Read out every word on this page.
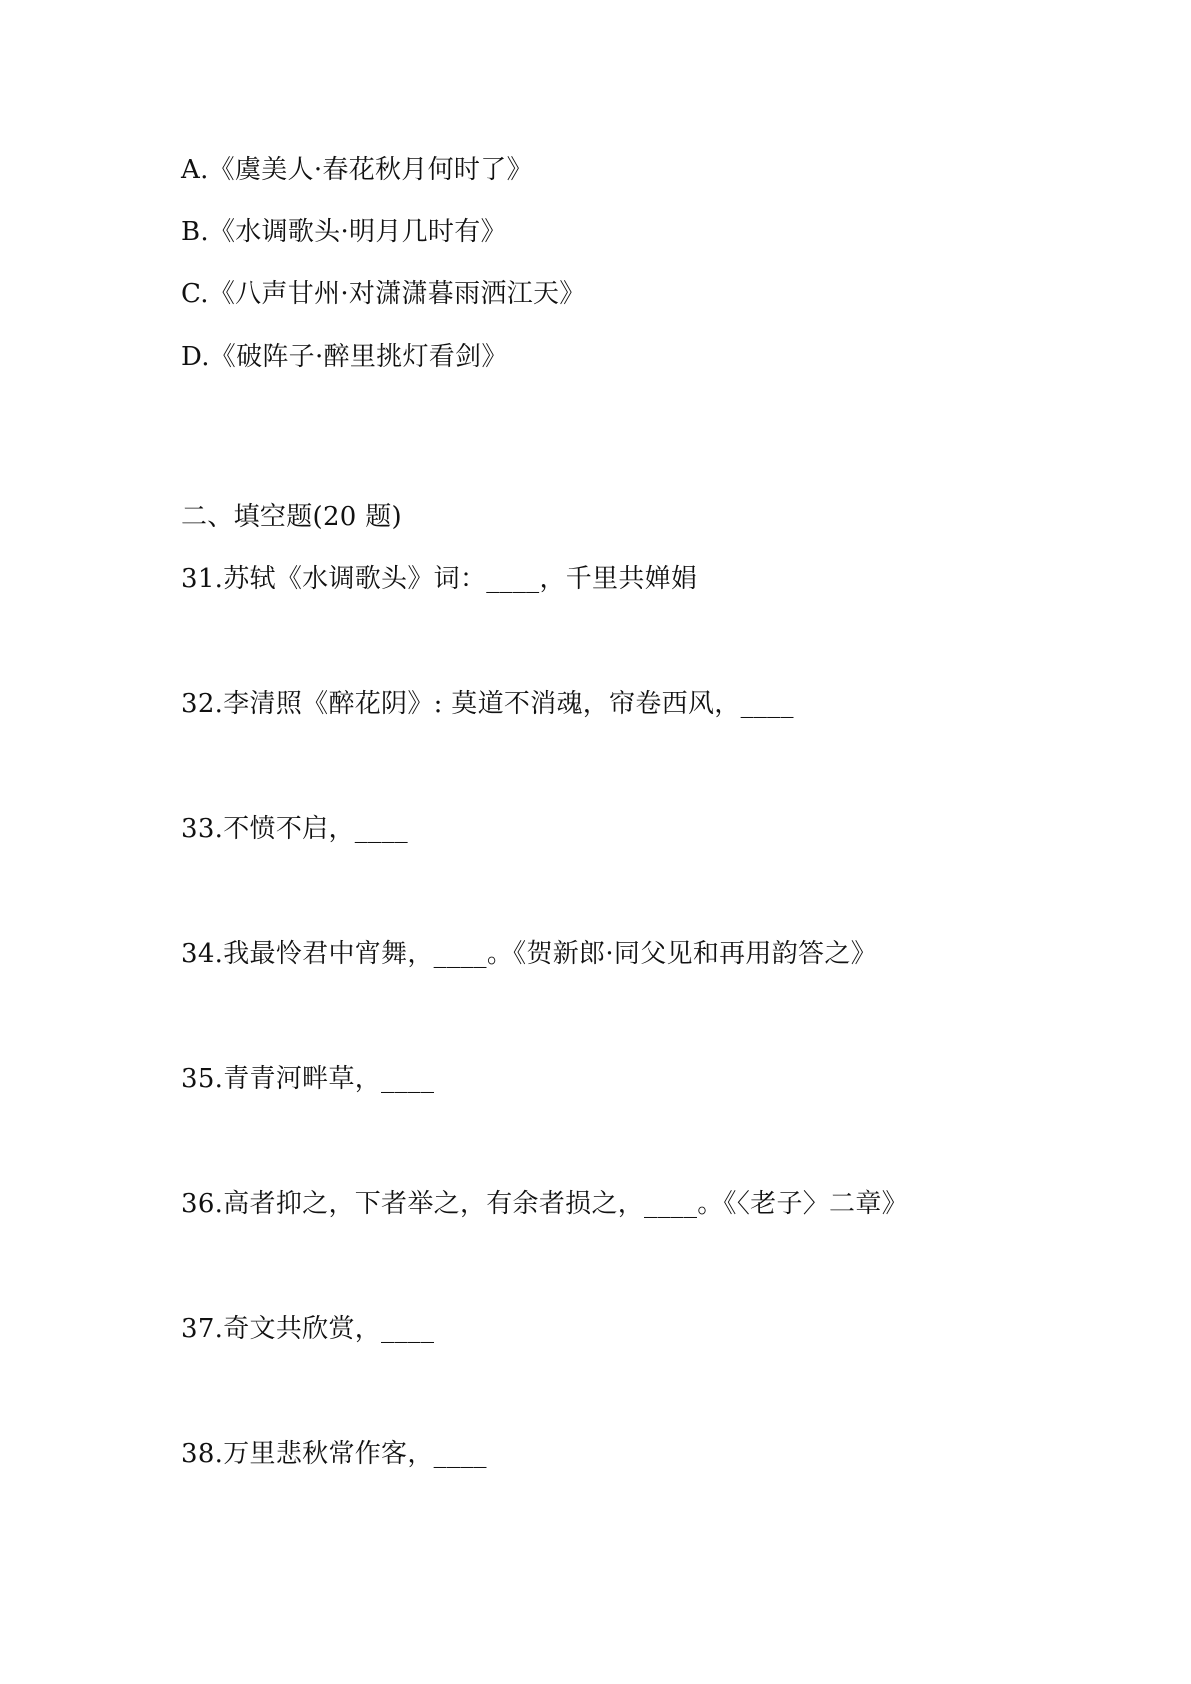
A.《虞美人·春花秋月何时了》

B.《水调歌头·明月几时有》

C.《八声甘州·对潇潇暮雨洒江天》

D.《破阵子·醉里挑灯看剑》

二、填空题(20 题)

31.苏轼《水调歌头》词：____，千里共婵娟

32.李清照《醉花阴》: 莫道不消魂，帘卷西风，____

33.不愤不启，____

34.我最怜君中宵舞，____。《贺新郎·同父见和再用韵答之》

35.青青河畔草，____

36.高者抑之，下者举之，有余者损之，____。《〈老子〉二章》

37.奇文共欣赏，____

38.万里悲秋常作客，____
